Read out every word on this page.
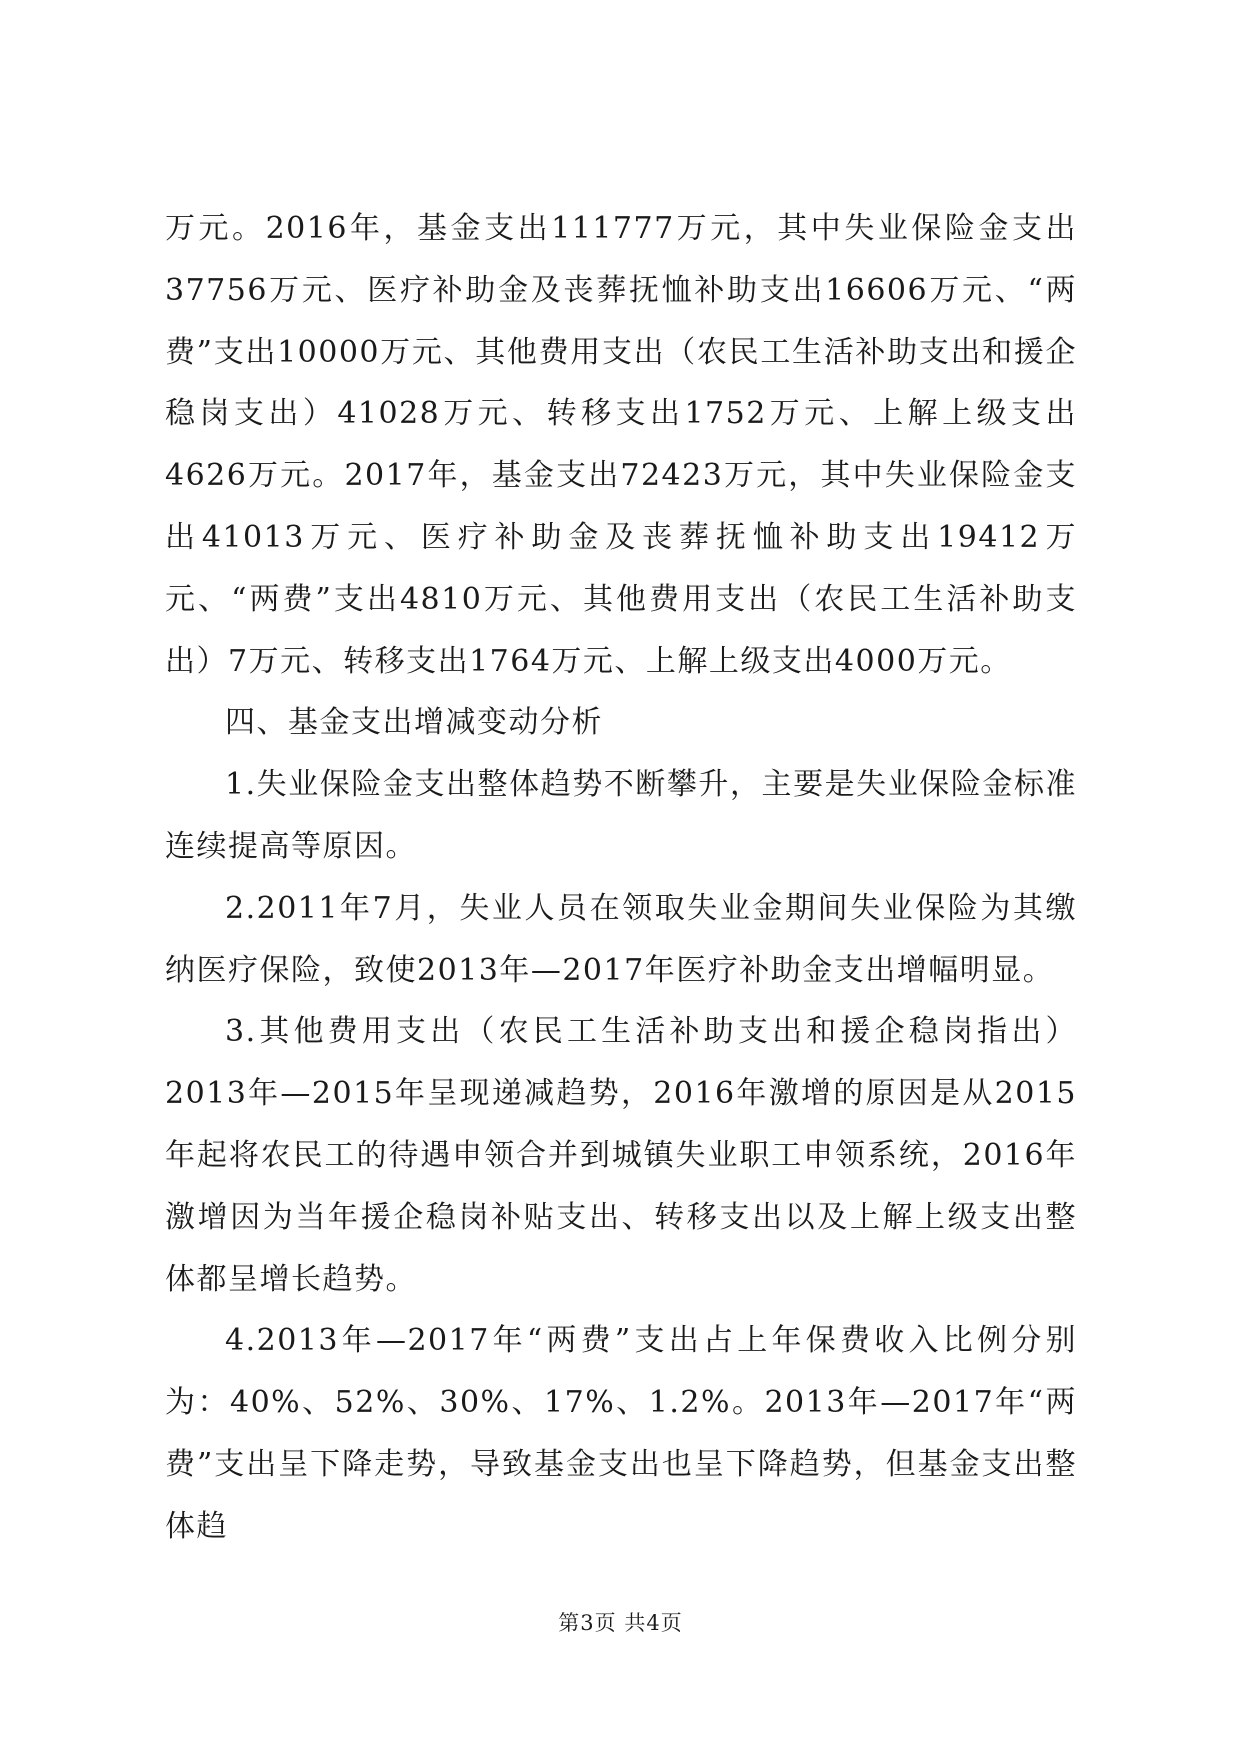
万元。2016年，基金支出111777万元，其中失业保险金支出37756万元、医疗补助金及丧葬抚恤补助支出16606万元、“两费”支出10000万元、其他费用支出（农民工生活补助支出和援企稳岗支出）41028万元、转移支出1752万元、上解上级支出4626万元。2017年，基金支出72423万元，其中失业保险金支出41013万元、医疗补助金及丧葬抚恤补助支出19412万元、“两费”支出4810万元、其他费用支出（农民工生活补助支出）7万元、转移支出1764万元、上解上级支出4000万元。

四、基金支出增减变动分析

1.失业保险金支出整体趋势不断攀升，主要是失业保险金标准连续提高等原因。

2.2011年7月，失业人员在领取失业金期间失业保险为其缴纳医疗保险，致使2013年—2017年医疗补助金支出增幅明显。

3.其他费用支出（农民工生活补助支出和援企稳岗指出）2013年—2015年呈现递减趋势，2016年激增的原因是从2015年起将农民工的待遇申领合并到城镇失业职工申领系统，2016年激增因为当年援企稳岗补贴支出、转移支出以及上解上级支出整体都呈增长趋势。

4.2013年—2017年“两费”支出占上年保费收入比例分别为：40%、52%、30%、17%、1.2%。2013年—2017年“两费”支出呈下降走势，导致基金支出也呈下降趋势，但基金支出整体趋

第3页 共4页
